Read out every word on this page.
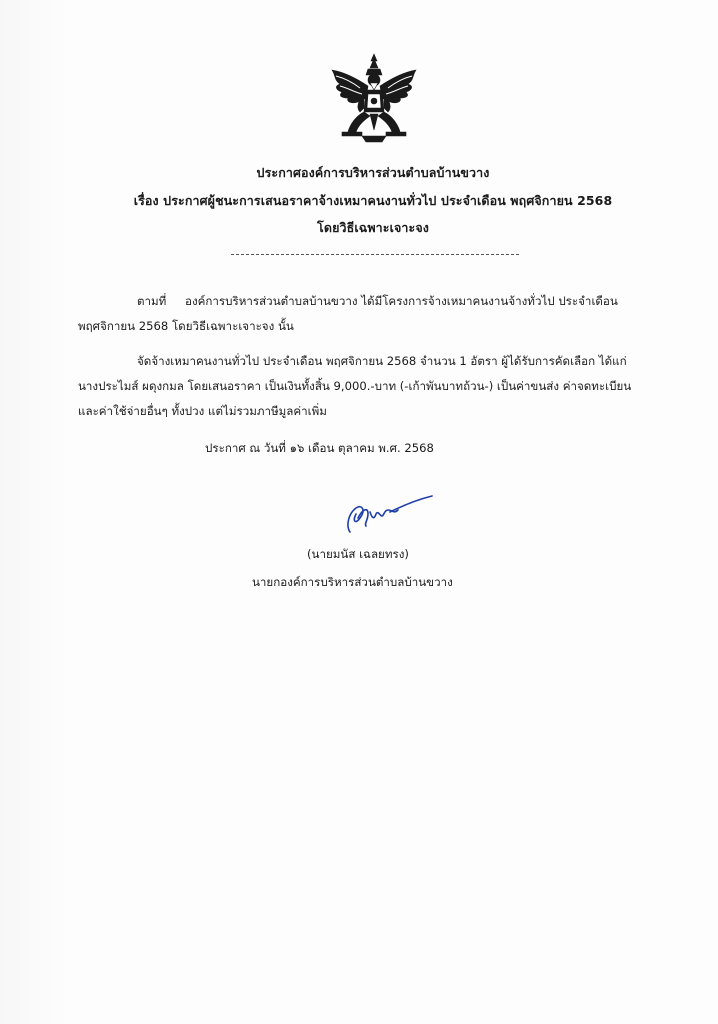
ประกาศองค์การบริหารส่วนตำบลบ้านขวาง
เรื่อง ประกาศผู้ชนะการเสนอราคาจ้างเหมาคนงานทั่วไป ประจำเดือน พฤศจิกายน 2568
โดยวิธีเฉพาะเจาะจง
ตามที่ องค์การบริหารส่วนตำบลบ้านขวาง ได้มีโครงการจ้างเหมาคนงานจ้างทั่วไป ประจำเดือน
พฤศจิกายน 2568 โดยวิธีเฉพาะเจาะจง นั้น
จัดจ้างเหมาคนงานทั่วไป ประจำเดือน พฤศจิกายน 2568 จำนวน 1 อัตรา ผู้ได้รับการคัดเลือก ได้แก่
นางประไมส์ ผดุงกมล โดยเสนอราคา เป็นเงินทั้งสิ้น 9,000.-บาท (-เก้าพันบาทถ้วน-) เป็นค่าขนส่ง ค่าจดทะเบียน
และค่าใช้จ่ายอื่นๆ ทั้งปวง แต่ไม่รวมภาษีมูลค่าเพิ่ม
ประกาศ ณ วันที่ ๑๖ เดือน ตุลาคม พ.ศ. 2568
(นายมนัส เฉลยทรง)
นายกองค์การบริหารส่วนตำบลบ้านขวาง
